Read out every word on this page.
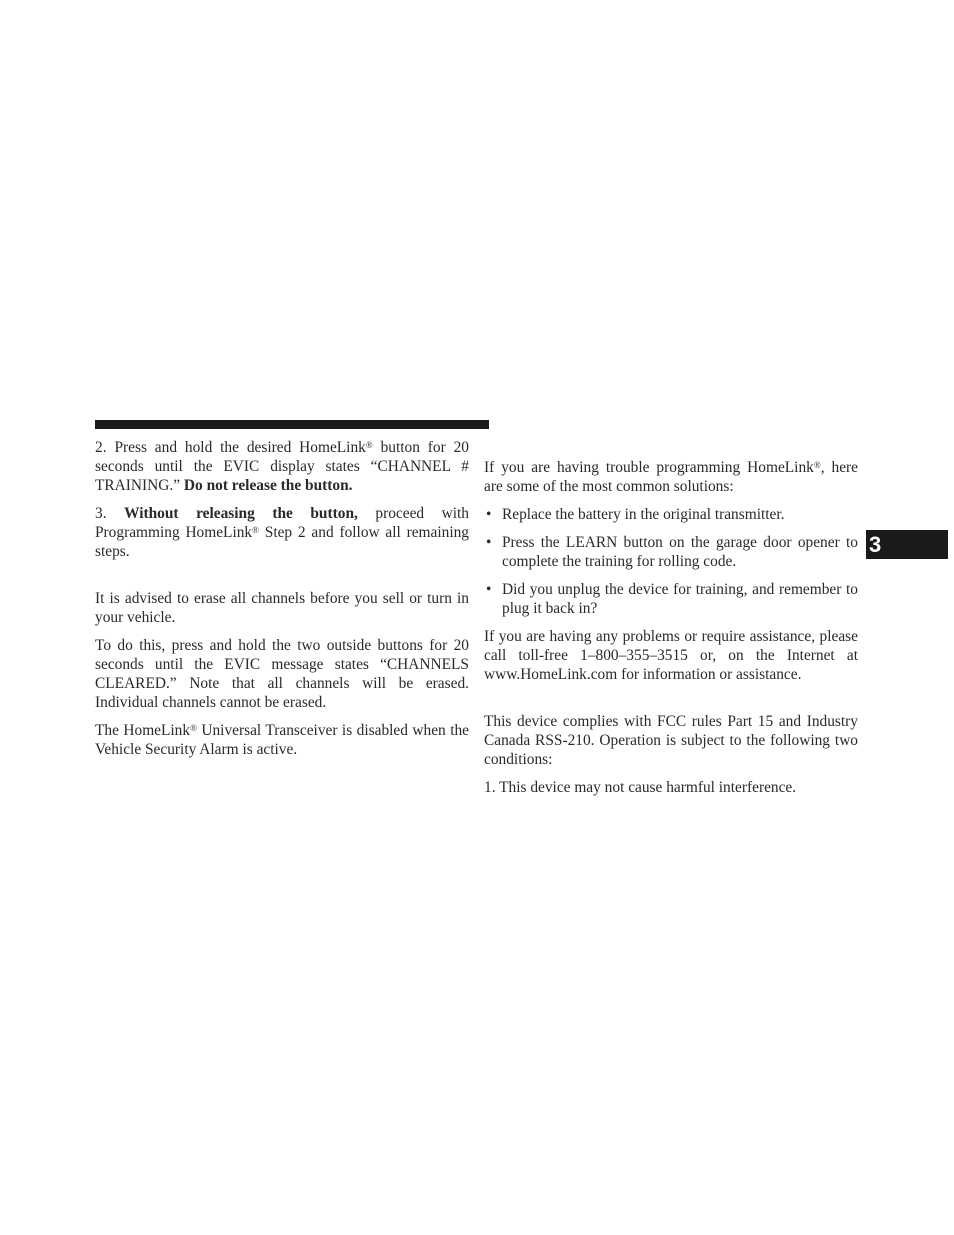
2. Press and hold the desired HomeLink® button for 20 seconds until the EVIC display states “CHANNEL # TRAINING.” Do not release the button.

3. Without releasing the button, proceed with Programming HomeLink® Step 2 and follow all remaining steps.

It is advised to erase all channels before you sell or turn in your vehicle.

To do this, press and hold the two outside buttons for 20 seconds until the EVIC message states “CHANNELS CLEARED.” Note that all channels will be erased. Individual channels cannot be erased.

The HomeLink® Universal Transceiver is disabled when the Vehicle Security Alarm is active.

If you are having trouble programming HomeLink®, here are some of the most common solutions:

• Replace the battery in the original transmitter.
• Press the LEARN button on the garage door opener to complete the training for rolling code.
• Did you unplug the device for training, and remember to plug it back in?

If you are having any problems or require assistance, please call toll-free 1–800–355–3515 or, on the Internet at www.HomeLink.com for information or assistance.

This device complies with FCC rules Part 15 and Industry Canada RSS-210. Operation is subject to the following two conditions:

1. This device may not cause harmful interference.

3
